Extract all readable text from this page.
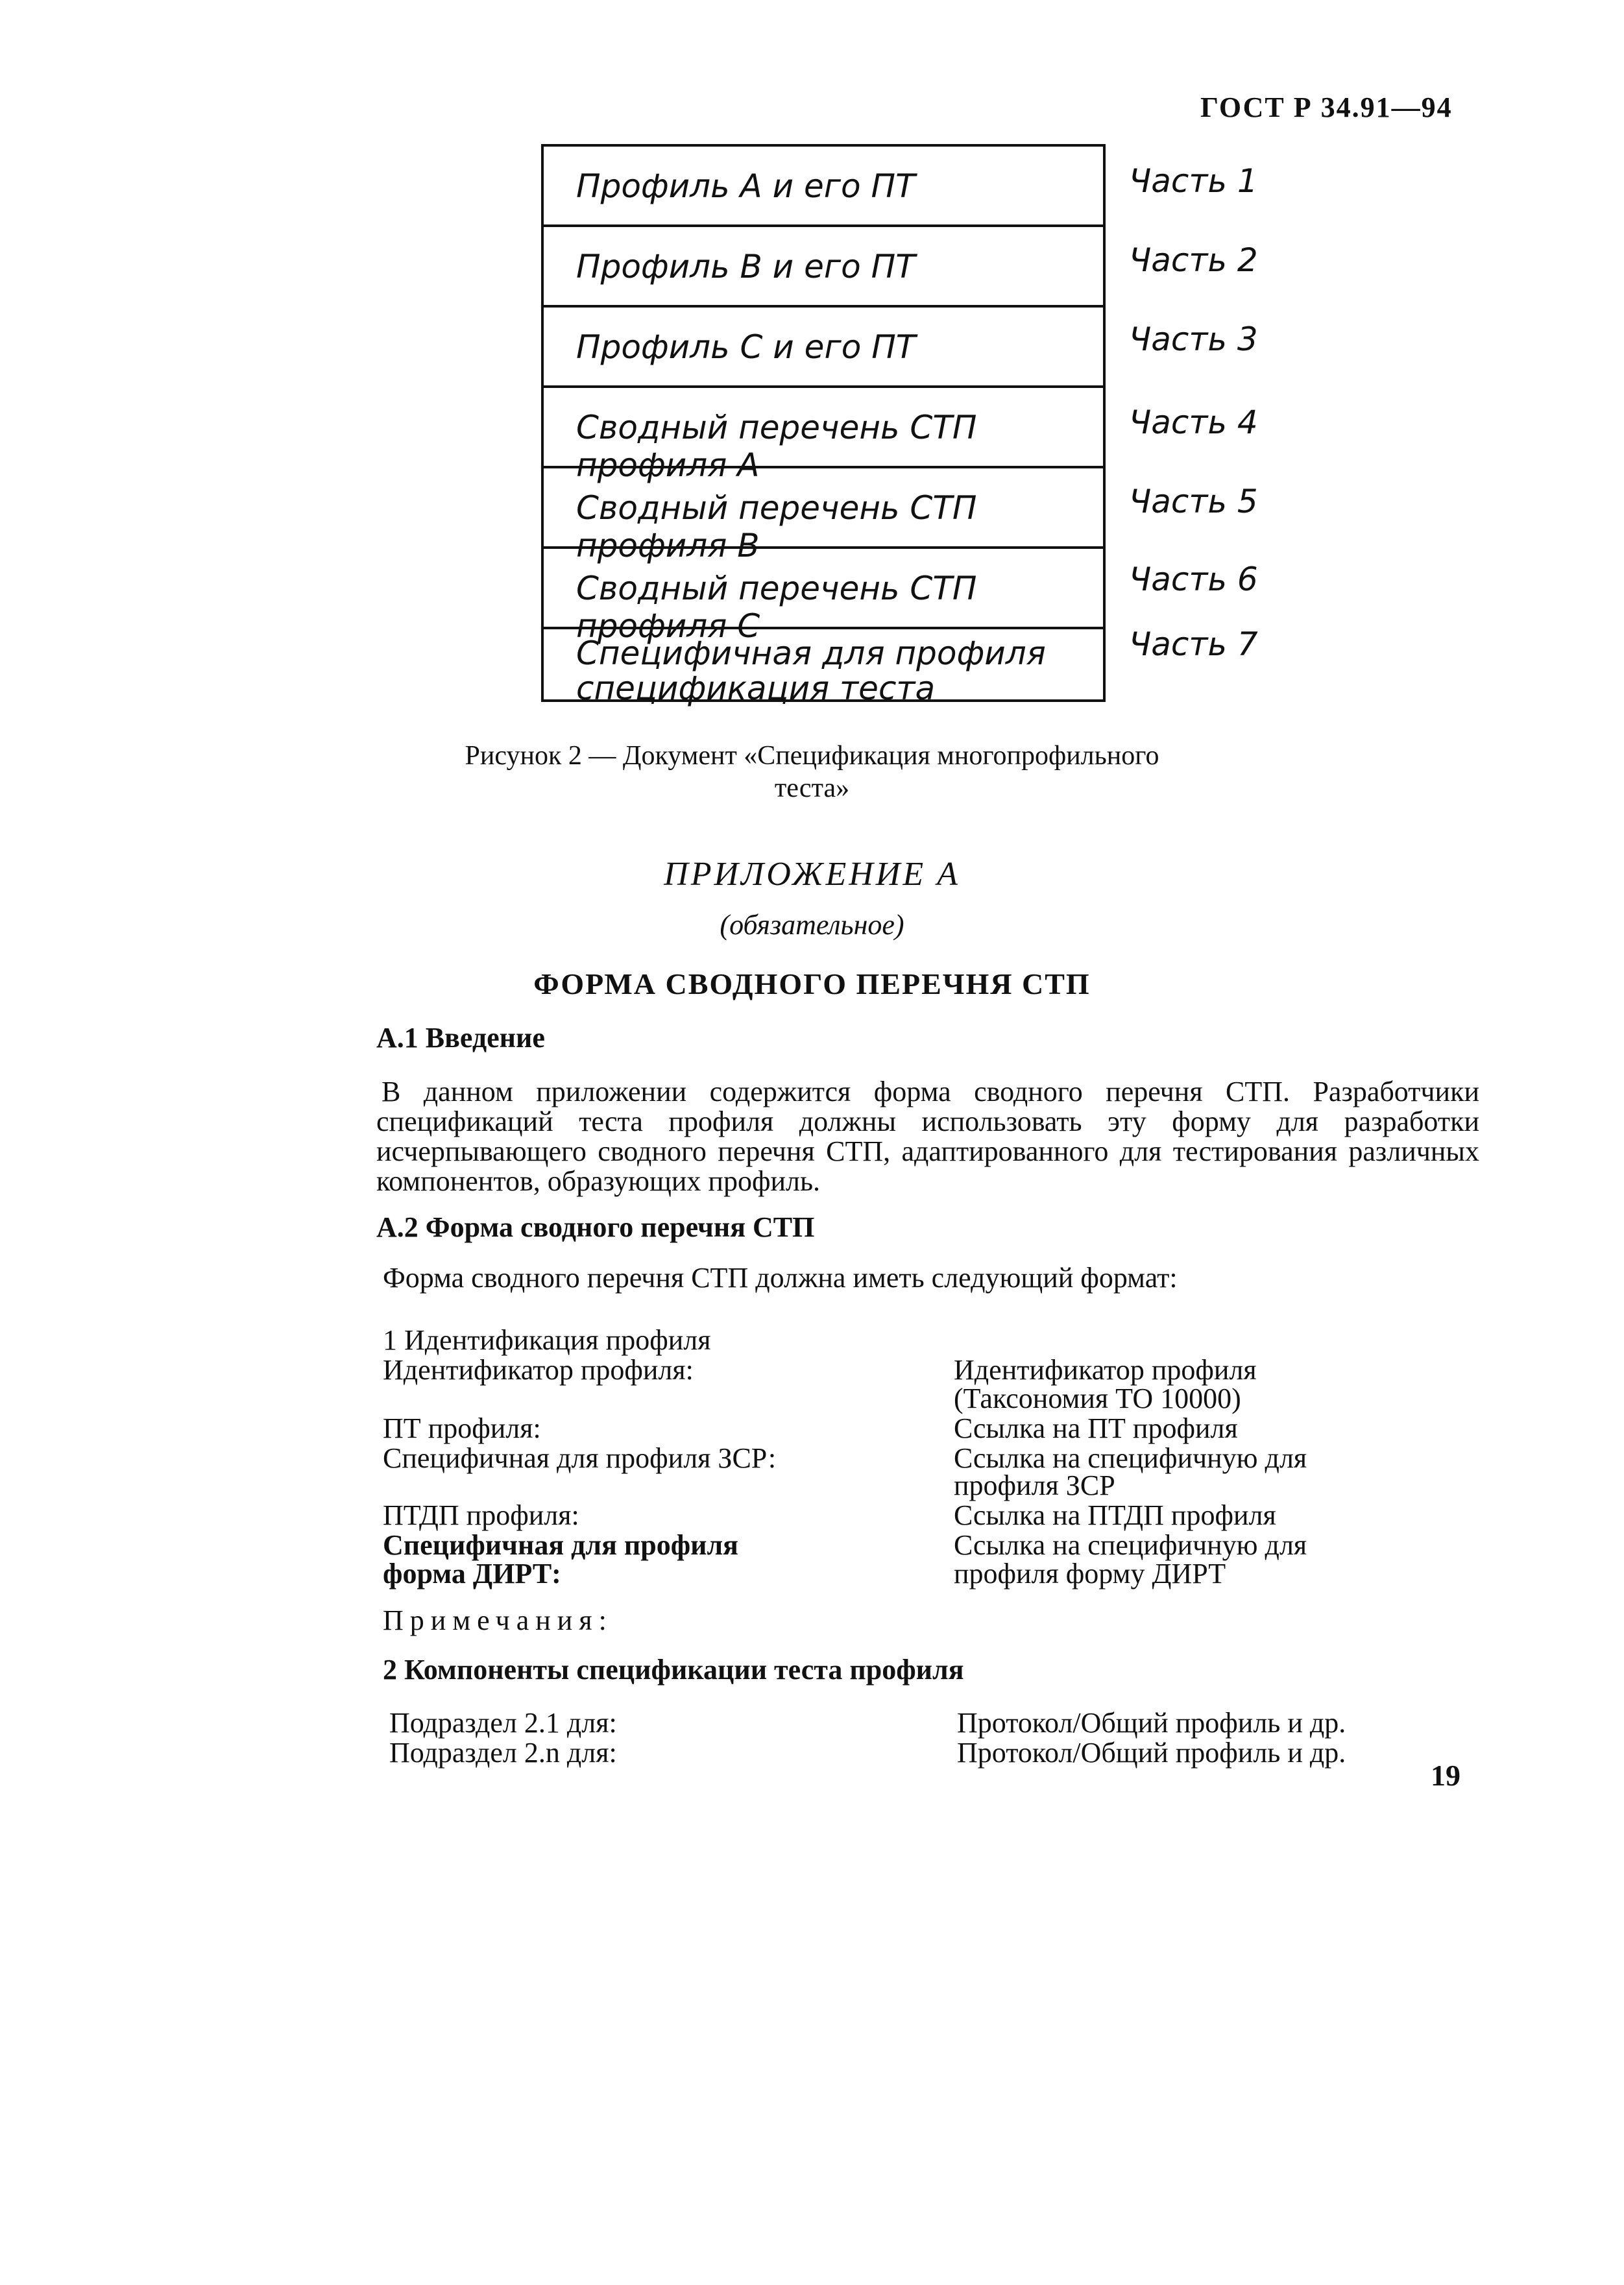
ГОСТ Р 34.91—94
Профиль А и его ПТ
Профиль В и его ПТ
Профиль С и его ПТ
Сводный перечень СТП профиля А
Сводный перечень СТП профиля В
Сводный перечень СТП профиля С
Специфичная для профиля спецификация теста
Часть 1
Часть 2
Часть 3
Часть 4
Часть 5
Часть 6
Часть 7
Рисунок 2 — Документ «Спецификация многопрофильного теста»
ПРИЛОЖЕНИЕ А
(обязательное)
ФОРМА СВОДНОГО ПЕРЕЧНЯ СТП
А.1 Введение
В данном приложении содержится форма сводного перечня СТП. Разработчики спецификаций теста профиля должны использовать эту форму для разработки исчерпывающего сводного перечня СТП, адаптированного для тестирования различных компонентов, образующих профиль.
А.2 Форма сводного перечня СТП
Форма сводного перечня СТП должна иметь следующий формат:
1 Идентификация профиля
Идентификатор профиля:	Идентификатор профиля
(Таксономия ТО 10000)
ПТ профиля:	Ссылка на ПТ профиля
Специфичная для профиля ЗСР:	Ссылка на специфичную для
профиля ЗСР
ПТДП профиля:	Ссылка на ПТДП профиля
Специфичная для профиля
форма ДИРТ:
Ссылка на специфичную для
профиля форму ДИРТ
Примечания:
2 Компоненты спецификации теста профиля
Подраздел 2.1 для:	Протокол/Общий профиль и др.
Подраздел 2.n для:	Протокол/Общий профиль и др.
19
